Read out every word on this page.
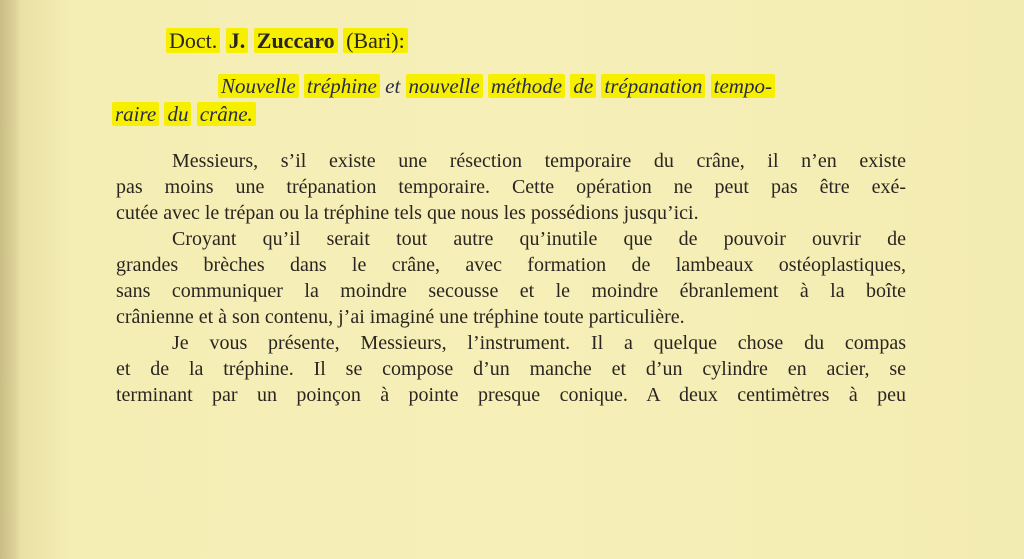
Doct. J. Zuccaro (Bari):
Nouvelle tréphine et nouvelle méthode de trépanation tempo-
raire du crâne.
Messieurs, s’il existe une résection temporaire du crâne, il n’en existe
pas moins une trépanation temporaire. Cette opération ne peut pas être exé-
cutée avec le trépan ou la tréphine tels que nous les possédions jusqu’ici.
Croyant qu’il serait tout autre qu’inutile que de pouvoir ouvrir de
grandes brèches dans le crâne, avec formation de lambeaux ostéoplastiques,
sans communiquer la moindre secousse et le moindre ébranlement à la boîte
crânienne et à son contenu, j’ai imaginé une tréphine toute particulière.
Je vous présente, Messieurs, l’instrument. Il a quelque chose du compas
et de la tréphine. Il se compose d’un manche et d’un cylindre en acier, se
terminant par un poinçon à pointe presque conique. A deux centimètres à peu
